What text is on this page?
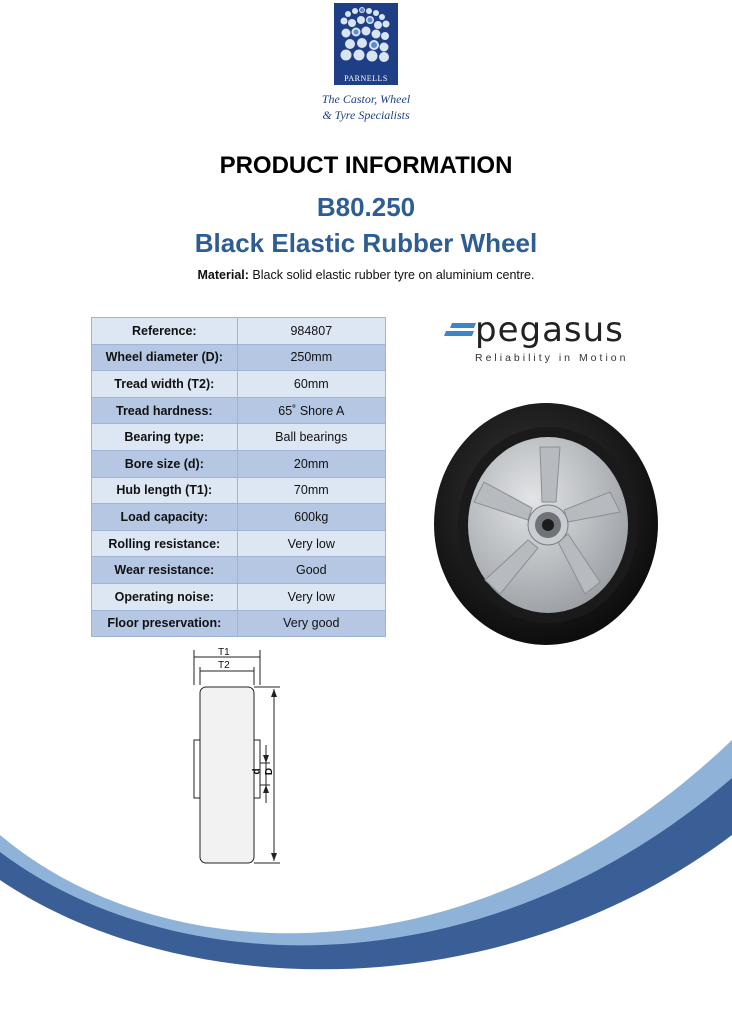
PARNELLS
The Castor, Wheel
& Tyre Specialists
PRODUCT INFORMATION
B80.250
Black Elastic Rubber Wheel
Material: Black solid elastic rubber tyre on aluminium centre.
Reference:	984807
Wheel diameter (D):	250mm
Tread width (T2):	60mm
Tread hardness:	65˚ Shore A
Bearing type:	Ball bearings
Bore size (d):	20mm
Hub length (T1):	70mm
Load capacity:	600kg
Rolling resistance:	Very low
Wear resistance:	Good
Operating noise:	Very low
Floor preservation:	Very good
pegasus
Reliability in Motion
T1
T2
d D
